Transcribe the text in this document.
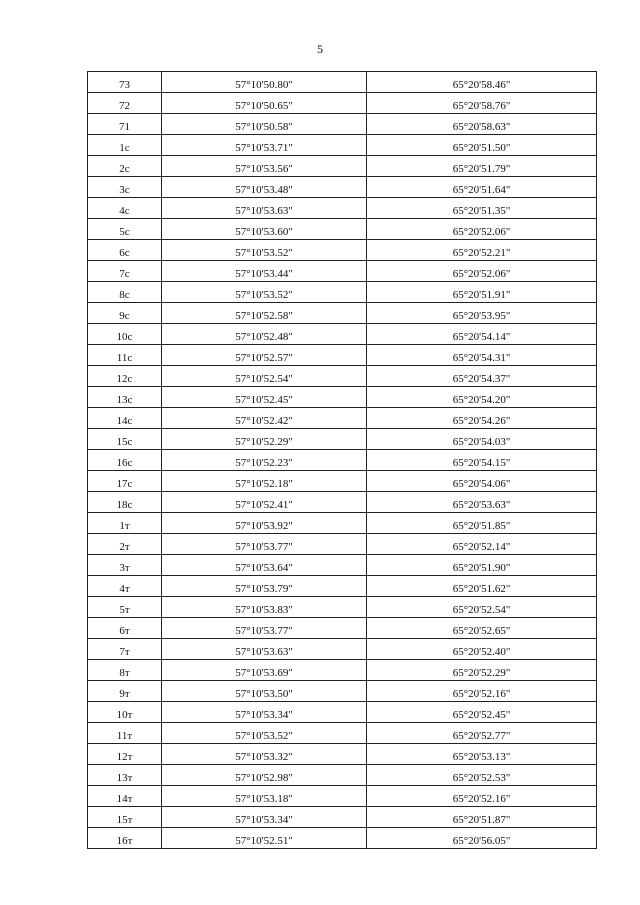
5
73	57°10'50.80"	65°20'58.46"
72	57°10'50.65"	65°20'58.76"
71	57°10'50.58"	65°20'58.63"
1c	57°10'53.71"	65°20'51.50"
2c	57°10'53.56"	65°20'51.79"
3c	57°10'53.48"	65°20'51.64"
4c	57°10'53.63"	65°20'51.35"
5c	57°10'53.60"	65°20'52.06"
6c	57°10'53.52"	65°20'52.21"
7c	57°10'53.44"	65°20'52.06"
8c	57°10'53.52"	65°20'51.91"
9c	57°10'52.58"	65°20'53.95"
10c	57°10'52.48"	65°20'54.14"
11c	57°10'52.57"	65°20'54.31"
12c	57°10'52.54"	65°20'54.37"
13c	57°10'52.45"	65°20'54.20"
14c	57°10'52.42"	65°20'54.26"
15c	57°10'52.29"	65°20'54.03"
16c	57°10'52.23"	65°20'54.15"
17c	57°10'52.18"	65°20'54.06"
18c	57°10'52.41"	65°20'53.63"
1т	57°10'53.92"	65°20'51.85"
2т	57°10'53.77"	65°20'52.14"
3т	57°10'53.64"	65°20'51.90"
4т	57°10'53.79"	65°20'51.62"
5т	57°10'53.83"	65°20'52.54"
6т	57°10'53.77"	65°20'52.65"
7т	57°10'53.63"	65°20'52.40"
8т	57°10'53.69"	65°20'52.29"
9т	57°10'53.50"	65°20'52.16"
10т	57°10'53.34"	65°20'52.45"
11т	57°10'53.52"	65°20'52.77"
12т	57°10'53.32"	65°20'53.13"
13т	57°10'52.98"	65°20'52.53"
14т	57°10'53.18"	65°20'52.16"
15т	57°10'53.34"	65°20'51.87"
16т	57°10'52.51"	65°20'56.05"
